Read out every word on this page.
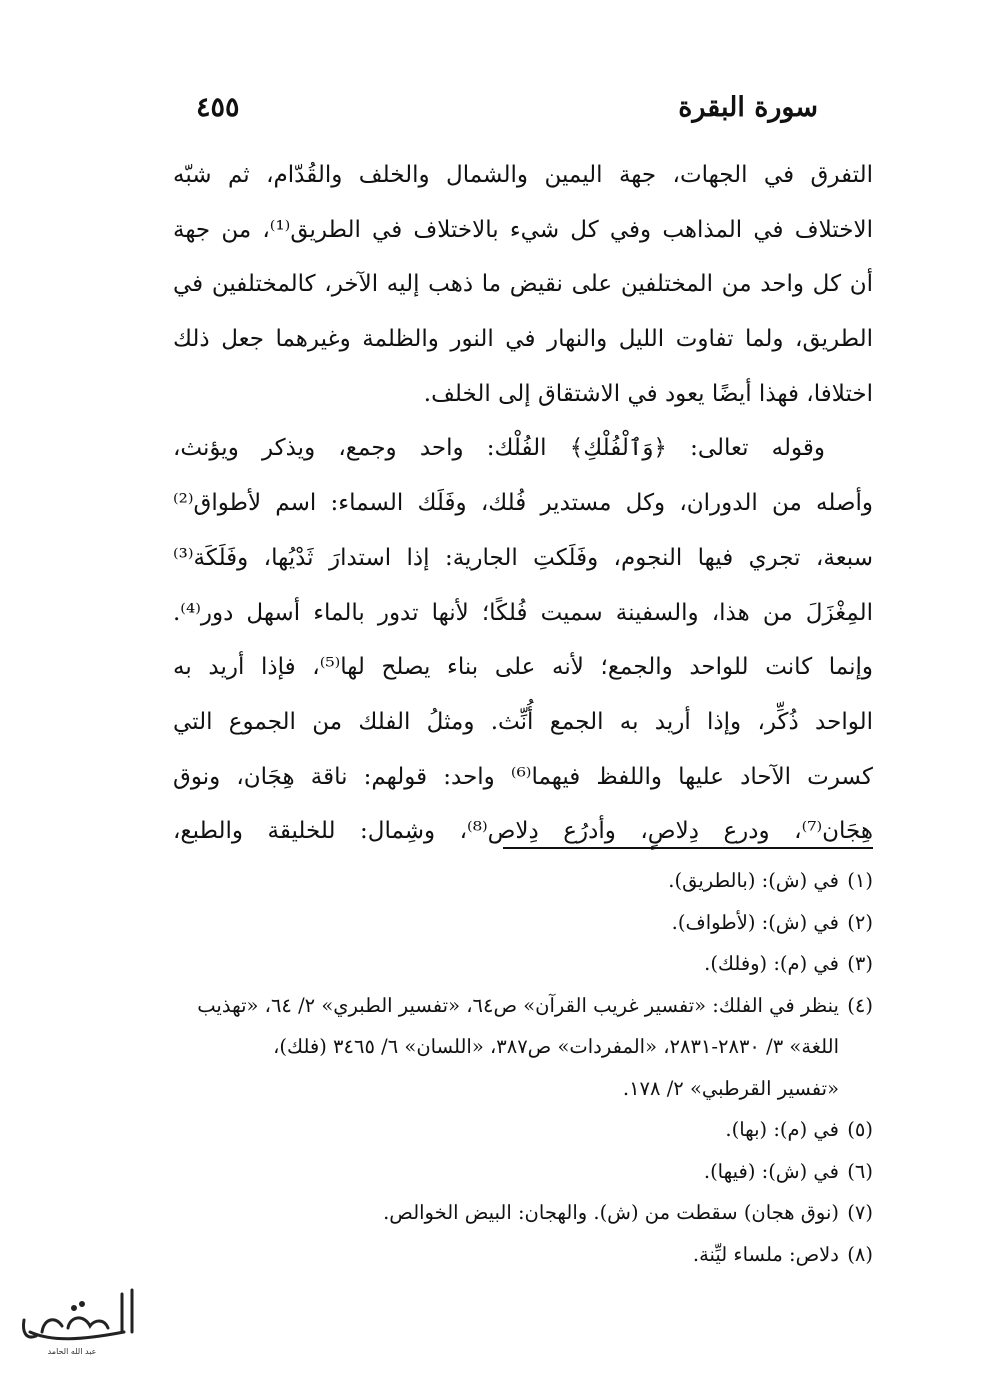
سورة البقرة
٤٥٥
التفرق في الجهات، جهة اليمين والشمال والخلف والقُدّام، ثم شبّه
الاختلاف في المذاهب وفي كل شيء بالاختلاف في الطريق⁽¹⁾، من جهة
أن كل واحد من المختلفين على نقيض ما ذهب إليه الآخر، كالمختلفين في
الطريق، ولما تفاوت الليل والنهار في النور والظلمة وغيرهما جعل ذلك
اختلافا، فهذا أيضًا يعود في الاشتقاق إلى الخلف.
وقوله تعالى: ﴿وَٱلْفُلْكِ﴾ الفُلْك: واحد وجمع، ويذكر ويؤنث،
وأصله من الدوران، وكل مستدير فُلك، وفَلَك السماء: اسم لأطواق⁽²⁾
سبعة، تجري فيها النجوم، وفَلَكتِ الجارية: إذا استدارَ ثَدْيُها، وفَلَكَة⁽³⁾
المِغْزَلَ من هذا، والسفينة سميت فُلكًا؛ لأنها تدور بالماء أسهل دور⁽⁴⁾.
وإنما كانت للواحد والجمع؛ لأنه على بناء يصلح لها⁽⁵⁾، فإذا أريد به
الواحد ذُكِّر، وإذا أريد به الجمع أُنِّث. ومثلُ الفلك من الجموع التي
كسرت الآحاد عليها واللفظ فيهما⁽⁶⁾ واحد: قولهم: ناقة هِجَان، ونوق
هِجَان⁽⁷⁾، ودرع دِلاصٍ، وأدرُع دِلاص⁽⁸⁾، وشِمال: للخليقة والطبع،
(١)في (ش): (بالطريق).
(٢)في (ش): (لأطواف).
(٣)في (م): (وفلك).
(٤)ينظر في الفلك: «تفسير غريب القرآن» ص٦٤، «تفسير الطبري» ٢/ ٦٤، «تهذيب
اللغة» ٣/ ٢٨٣٠-٢٨٣١، «المفردات» ص٣٨٧، «اللسان» ٦/ ٣٤٦٥ (فلك)،
«تفسير القرطبي» ٢/ ١٧٨.
(٥)في (م): (بها).
(٦)في (ش): (فيها).
(٧)(نوق هجان) سقطت من (ش). والهجان: البيض الخوالص.
(٨)دلاص: ملساء ليِّنة.
عبد الله الحامد
